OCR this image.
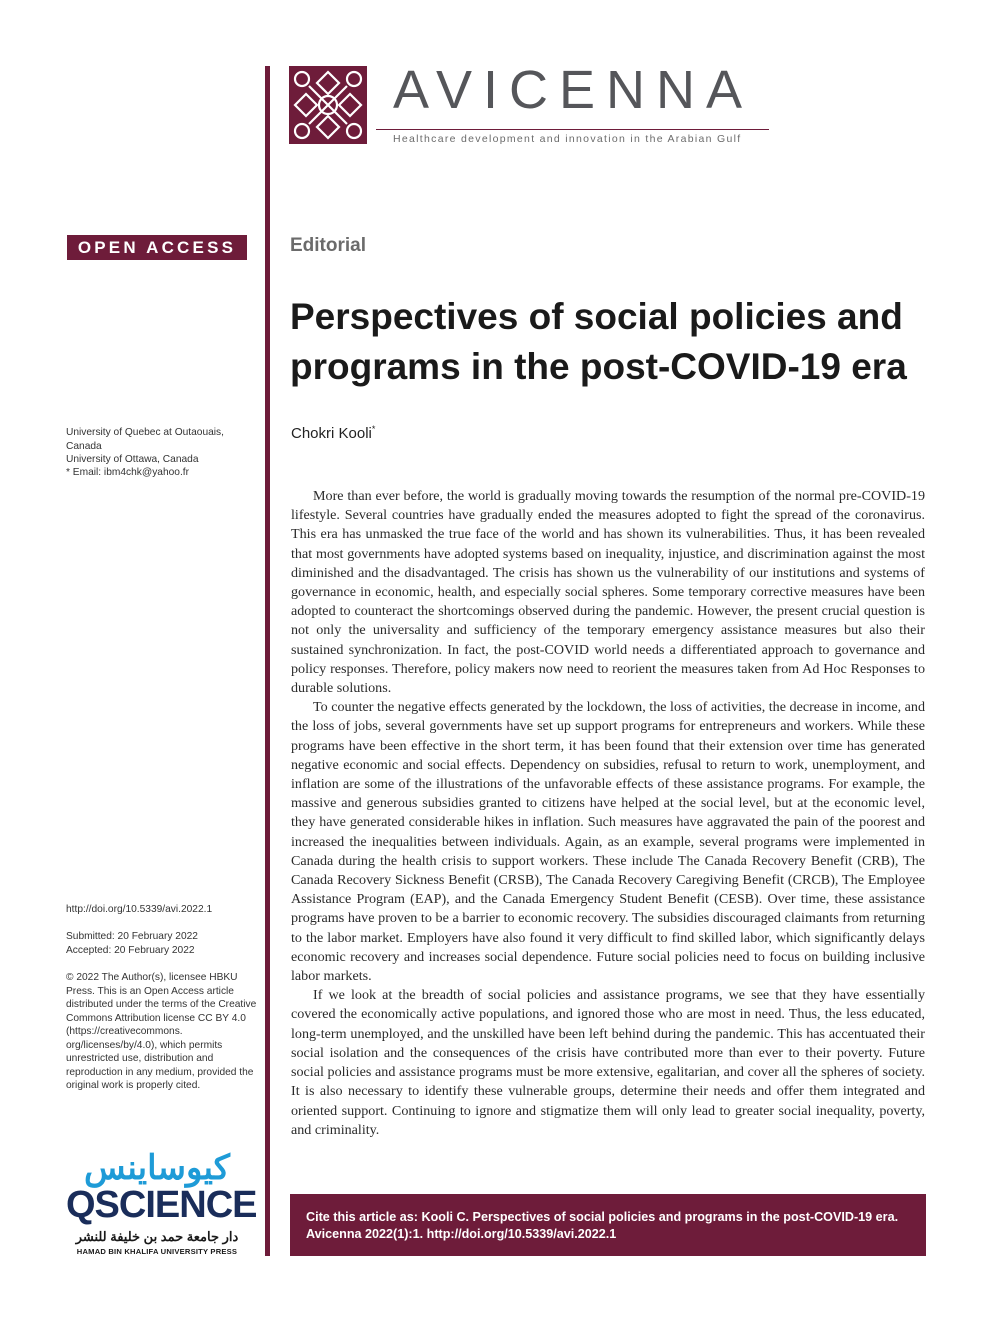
AVICENNA
Healthcare development and innovation in the Arabian Gulf
OPEN ACCESS	Editorial
Perspectives of social policies and programs in the post-COVID-19 era
Chokri Kooli*
University of Quebec at Outaouais, Canada
University of Ottawa, Canada
* Email: ibm4chk@yahoo.fr
http://doi.org/10.5339/avi.2022.1
Submitted: 20 February 2022
Accepted: 20 February 2022
© 2022 The Author(s), licensee HBKU Press. This is an Open Access article distributed under the terms of the Creative Commons Attribution license CC BY 4.0 (https://creativecommons. org/licenses/by/4.0), which permits unrestricted use, distribution and reproduction in any medium, provided the original work is properly cited.

More than ever before, the world is gradually moving towards the resumption of the normal pre-COVID-19 lifestyle. Several countries have gradually ended the measures adopted to fight the spread of the coronavirus. This era has unmasked the true face of the world and has shown its vulnerabilities. Thus, it has been revealed that most governments have adopted systems based on inequality, injustice, and discrimination against the most diminished and the disadvantaged. The crisis has shown us the vulnerability of our institutions and systems of governance in economic, health, and especially social spheres. Some temporary corrective measures have been adopted to counteract the shortcomings observed during the pandemic. However, the present crucial question is not only the universality and sufficiency of the temporary emergency assistance measures but also their sustained synchronization. In fact, the post-COVID world needs a differentiated approach to governance and policy responses. Therefore, policy makers now need to reorient the measures taken from Ad Hoc Responses to durable solutions.

To counter the negative effects generated by the lockdown, the loss of activities, the decrease in income, and the loss of jobs, several governments have set up support programs for entrepreneurs and workers. While these programs have been effective in the short term, it has been found that their extension over time has generated negative economic and social effects. Dependency on subsidies, refusal to return to work, unemployment, and inflation are some of the illustrations of the unfavorable effects of these assistance programs. For example, the massive and generous subsidies granted to citizens have helped at the social level, but at the economic level, they have generated considerable hikes in inflation. Such measures have aggravated the pain of the poorest and increased the inequalities between individuals. Again, as an example, several programs were implemented in Canada during the health crisis to support workers. These include The Canada Recovery Benefit (CRB), The Canada Recovery Sickness Benefit (CRSB), The Canada Recovery Caregiving Benefit (CRCB), The Employee Assistance Program (EAP), and the Canada Emergency Student Benefit (CESB). Over time, these assistance programs have proven to be a barrier to economic recovery. The subsidies discouraged claimants from returning to the labor market. Employers have also found it very difficult to find skilled labor, which significantly delays economic recovery and increases social dependence. Future social policies need to focus on building inclusive labor markets.

If we look at the breadth of social policies and assistance programs, we see that they have essentially covered the economically active populations, and ignored those who are most in need. Thus, the less educated, long-term unemployed, and the unskilled have been left behind during the pandemic. This has accentuated their social isolation and the consequences of the crisis have contributed more than ever to their poverty. Future social policies and assistance programs must be more extensive, egalitarian, and cover all the spheres of society. It is also necessary to identify these vulnerable groups, determine their needs and offer them integrated and oriented support. Continuing to ignore and stigmatize them will only lead to greater social inequality, poverty, and criminality.

Cite this article as: Kooli C. Perspectives of social policies and programs in the post-COVID-19 era. Avicenna 2022(1):1. http://doi.org/10.5339/avi.2022.1
كيوساينس
QSCIENCE
دار جامعة حمد بن خليفة للنشر
HAMAD BIN KHALIFA UNIVERSITY PRESS
